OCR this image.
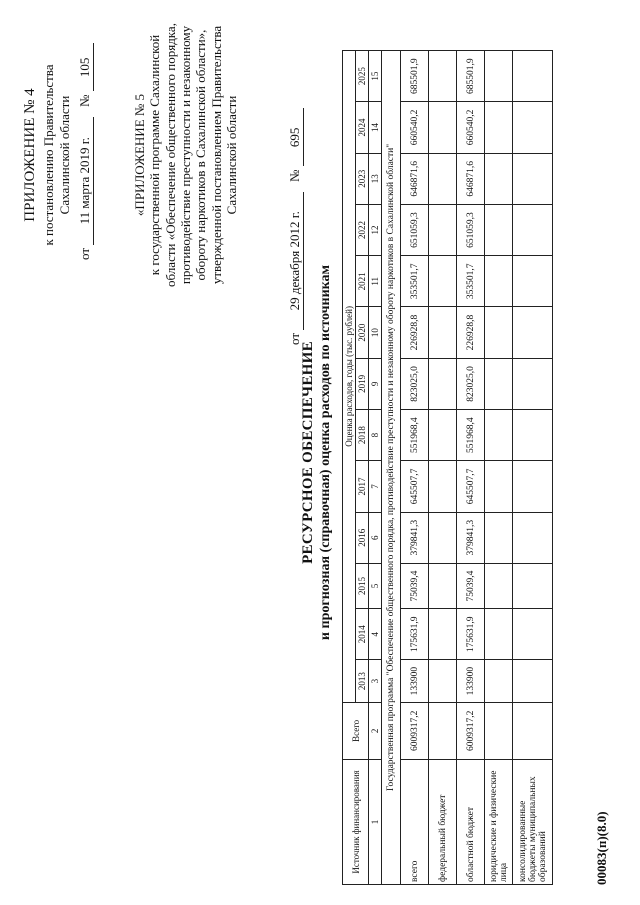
ПРИЛОЖЕНИЕ № 4 к постановлению Правительства Сахалинской области

от 11 марта 2019 г.   № 105

«ПРИЛОЖЕНИЕ № 5 к государственной программе Сахалинской области «Обеспечение общественного порядка, противодействие преступности и незаконному обороту наркотиков в Сахалинской области», утвержденной постановлением Правительства Сахалинской области

от 29 декабря 2012 г.   № 695

РЕСУРСНОЕ ОБЕСПЕЧЕНИЕ и прогнозная (справочная) оценка расходов по источникам

Источник финансирования	Всего	Оценка расходов, годы (тыс. рублей)												
		2013	2014	2015	2016	2017	2018	2019	2020	2021	2022	2023	2024	2025
1	2	3	4	5	6	7	8	9	10	11	12	13	14	15
Государственная программа "Обеспечение общественного порядка, противодействие преступности и незаконному обороту наркотиков в Сахалинской области"														
всего	6009317,2	133900	175631,9	75039,4	379841,3	645507,7	551968,4	823025,0	226928,8	353501,7	651059,3	646871,6	660540,2	685501,9
федеральный бюджет														
областной бюджет	6009317,2	133900	175631,9	75039,4	379841,3	645507,7	551968,4	823025,0	226928,8	353501,7	651059,3	646871,6	660540,2	685501,9
юридические и физические лица														
консолидированные бюджеты муниципальных образований															00083(п)(8.0)
